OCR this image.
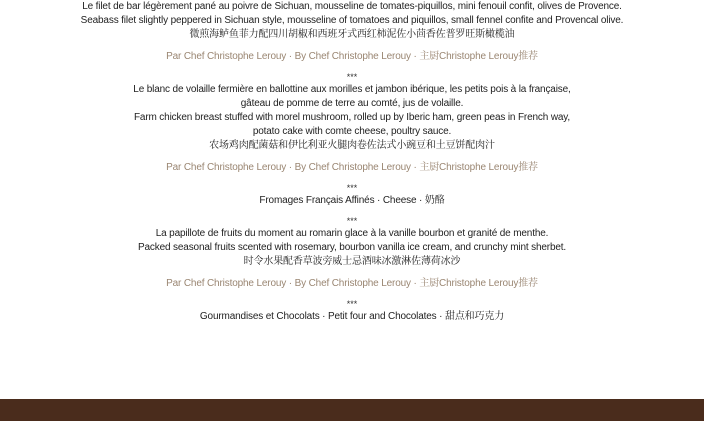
Le filet de bar légèrement pané au poivre de Sichuan, mousseline de tomates-piquillos, mini fenouil confit, olives de Provence.
Seabass filet slightly peppered in Sichuan style, mousseline of tomatoes and piquillos, small fennel confite and Provencal olive.
微煎海鲈鱼菲力配四川胡椒和西班牙式西红柿泥佐小茴香佐普罗旺斯橄榄油
Par Chef Christophe Lerouy · By Chef Christophe Lerouy · 主厨Christophe Lerouy推荐
***
Le blanc de volaille fermière en ballottine aux morilles et jambon ibérique, les petits pois à la française,
gâteau de pomme de terre au comté, jus de volaille.
Farm chicken breast stuffed with morel mushroom, rolled up by Iberic ham, green peas in French way,
potato cake with comte cheese, poultry sauce.
农场鸡肉配菌菇和伊比利亚火腿肉卷佐法式小豌豆和土豆饼配肉汁
Par Chef Christophe Lerouy · By Chef Christophe Lerouy · 主厨Christophe Lerouy推荐
***
Fromages Français Affinés · Cheese · 奶酪
***
La papillote de fruits du moment au romarin glace à la vanille bourbon et granité de menthe.
Packed seasonal fruits scented with rosemary, bourbon vanilla ice cream, and crunchy mint sherbet.
时令水果配香草波旁威士忌酒味冰激淋佐薄荷冰沙
Par Chef Christophe Lerouy · By Chef Christophe Lerouy · 主厨Christophe Lerouy推荐
***
Gourmandises et Chocolats · Petit four and Chocolates · 甜点和巧克力
